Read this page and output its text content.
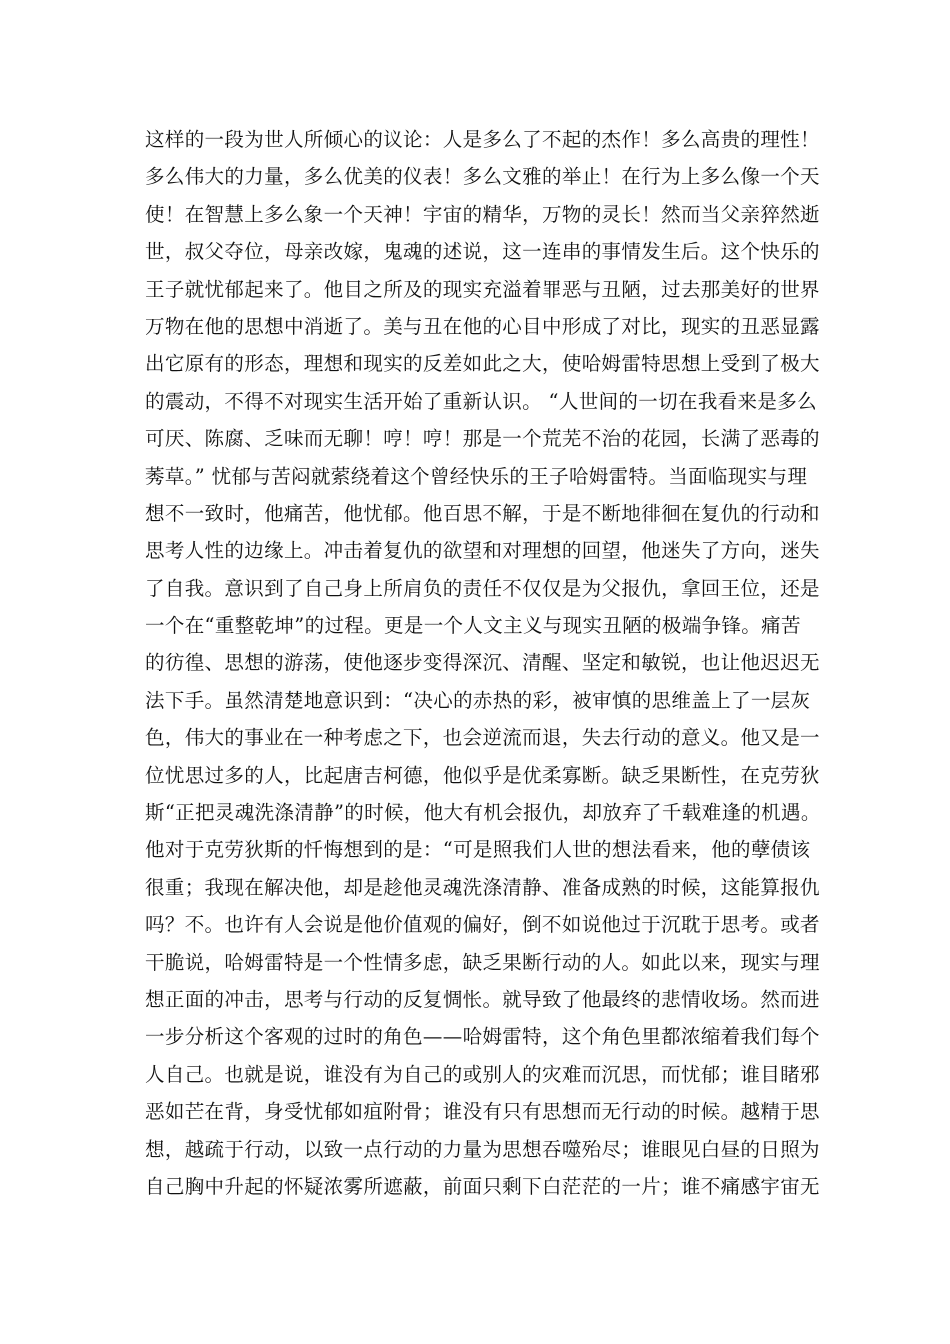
这样的一段为世人所倾心的议论：人是多么了不起的杰作！多么高贵的理性！
多么伟大的力量，多么优美的仪表！多么文雅的举止！在行为上多么像一个天
使！在智慧上多么象一个天神！宇宙的精华，万物的灵长！然而当父亲猝然逝
世，叔父夺位，母亲改嫁，鬼魂的述说，这一连串的事情发生后。这个快乐的
王子就忧郁起来了。他目之所及的现实充溢着罪恶与丑陋，过去那美好的世界
万物在他的思想中消逝了。美与丑在他的心目中形成了对比，现实的丑恶显露
出它原有的形态，理想和现实的反差如此之大，使哈姆雷特思想上受到了极大
的震动，不得不对现实生活开始了重新认识。 “人世间的一切在我看来是多么
可厌、陈腐、乏味而无聊！哼！哼！那是一个荒芜不治的花园，长满了恶毒的
莠草。” 忧郁与苦闷就萦绕着这个曾经快乐的王子哈姆雷特。当面临现实与理
想不一致时，他痛苦，他忧郁。他百思不解，于是不断地徘徊在复仇的行动和
思考人性的边缘上。冲击着复仇的欲望和对理想的回望，他迷失了方向，迷失
了自我。意识到了自己身上所肩负的责任不仅仅是为父报仇，拿回王位，还是
一个在“重整乾坤”的过程。更是一个人文主义与现实丑陋的极端争锋。痛苦
的彷徨、思想的游荡，使他逐步变得深沉、清醒、坚定和敏锐，也让他迟迟无
法下手。虽然清楚地意识到：“决心的赤热的彩，被审慎的思维盖上了一层灰
色，伟大的事业在一种考虑之下，也会逆流而退，失去行动的意义。他又是一
位忧思过多的人，比起唐吉柯德，他似乎是优柔寡断。缺乏果断性，在克劳狄
斯“正把灵魂洗涤清静”的时候，他大有机会报仇，却放弃了千载难逢的机遇。
他对于克劳狄斯的忏悔想到的是：“可是照我们人世的想法看来，他的孽债该
很重；我现在解决他，却是趁他灵魂洗涤清静、准备成熟的时候，这能算报仇
吗？不。也许有人会说是他价值观的偏好，倒不如说他过于沉耽于思考。或者
干脆说，哈姆雷特是一个性情多虑，缺乏果断行动的人。如此以来，现实与理
想正面的冲击，思考与行动的反复惆怅。就导致了他最终的悲情收场。然而进
一步分析这个客观的过时的角色——哈姆雷特，这个角色里都浓缩着我们每个
人自己。也就是说，谁没有为自己的或别人的灾难而沉思，而忧郁；谁目睹邪
恶如芒在背，身受忧郁如疽附骨；谁没有只有思想而无行动的时候。越精于思
想，越疏于行动，以致一点行动的力量为思想吞噬殆尽；谁眼见白昼的日照为
自己胸中升起的怀疑浓雾所遮蔽，前面只剩下白茫茫的一片；谁不痛感宇宙无
